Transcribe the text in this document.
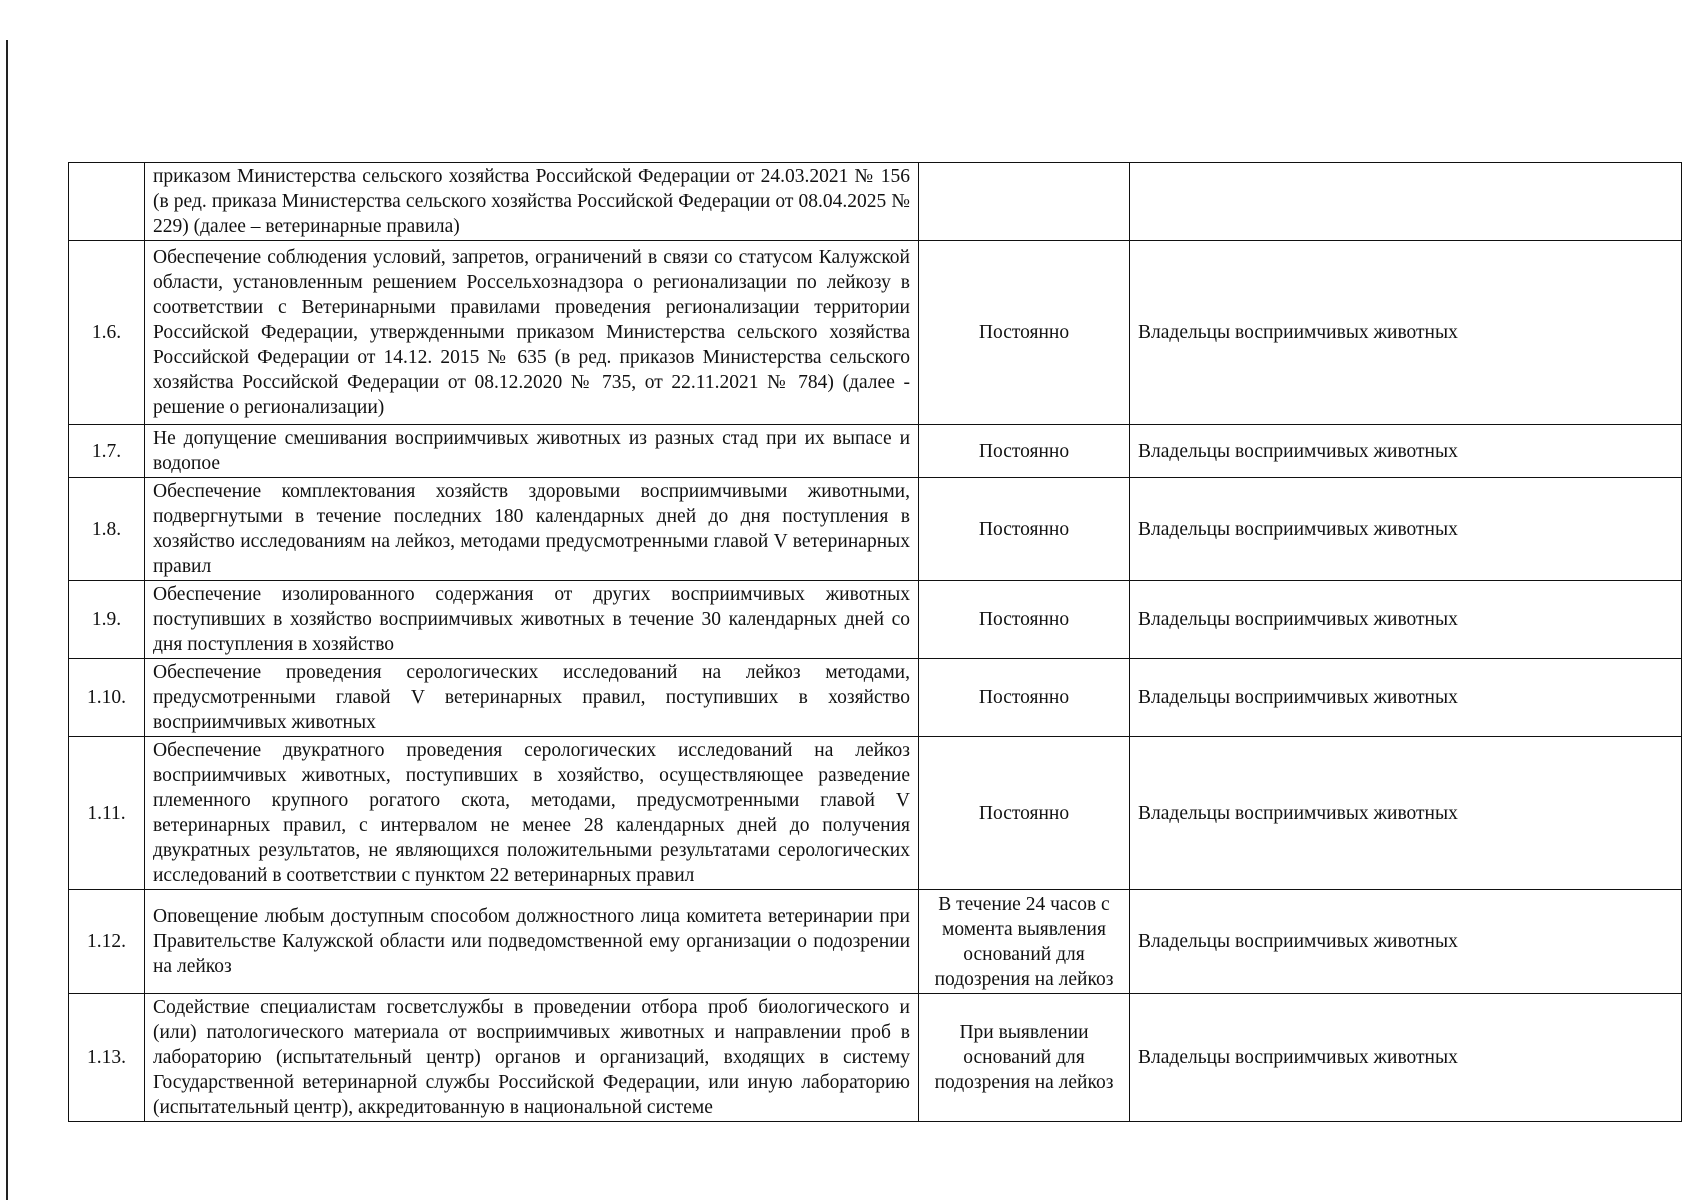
	приказом Министерства сельского хозяйства Российской Федерации от 24.03.2021 № 156 (в ред. приказа Министерства сельского хозяйства Российской Федерации от 08.04.2025 № 229) (далее – ветеринарные правила)		
1.6.	Обеспечение соблюдения условий, запретов, ограничений в связи со статусом Калужской области, установленным решением Россельхознадзора о регионализации по лейкозу в соответствии с Ветеринарными правилами проведения регионализации территории Российской Федерации, утвержденными приказом Министерства сельского хозяйства Российской Федерации от 14.12. 2015 № 635 (в ред. приказов Министерства сельского хозяйства Российской Федерации от 08.12.2020 № 735, от 22.11.2021 № 784) (далее - решение о регионализации)	Постоянно	Владельцы восприимчивых животных
1.7.	Не допущение смешивания восприимчивых животных из разных стад при их выпасе и водопое	Постоянно	Владельцы восприимчивых животных
1.8.	Обеспечение комплектования хозяйств здоровыми восприимчивыми животными, подвергнутыми в течение последних 180 календарных дней до дня поступления в хозяйство исследованиям на лейкоз, методами предусмотренными главой V ветеринарных правил	Постоянно	Владельцы восприимчивых животных
1.9.	Обеспечение изолированного содержания от других восприимчивых животных поступивших в хозяйство восприимчивых животных в течение 30 календарных дней со дня поступления в хозяйство	Постоянно	Владельцы восприимчивых животных
1.10.	Обеспечение проведения серологических исследований на лейкоз методами, предусмотренными главой V ветеринарных правил, поступивших в хозяйство восприимчивых животных	Постоянно	Владельцы восприимчивых животных
1.11.	Обеспечение двукратного проведения серологических исследований на лейкоз восприимчивых животных, поступивших в хозяйство, осуществляющее разведение племенного крупного рогатого скота, методами, предусмотренными главой V ветеринарных правил, с интервалом не менее 28 календарных дней до получения двукратных результатов, не являющихся положительными результатами серологических исследований в соответствии с пунктом 22 ветеринарных правил	Постоянно	Владельцы восприимчивых животных
1.12.	Оповещение любым доступным способом должностного лица комитета ветеринарии при Правительстве Калужской области или подведомственной ему организации о подозрении на лейкоз	В течение 24 часов с момента выявления оснований для подозрения на лейкоз	Владельцы восприимчивых животных
1.13.	Содействие специалистам госветслужбы в проведении отбора проб биологического и (или) патологического материала от восприимчивых животных и направлении проб в лабораторию (испытательный центр) органов и организаций, входящих в систему Государственной ветеринарной службы Российской Федерации, или иную лабораторию (испытательный центр), аккредитованную в национальной системе	При выявлении оснований для подозрения на лейкоз	Владельцы восприимчивых животных
